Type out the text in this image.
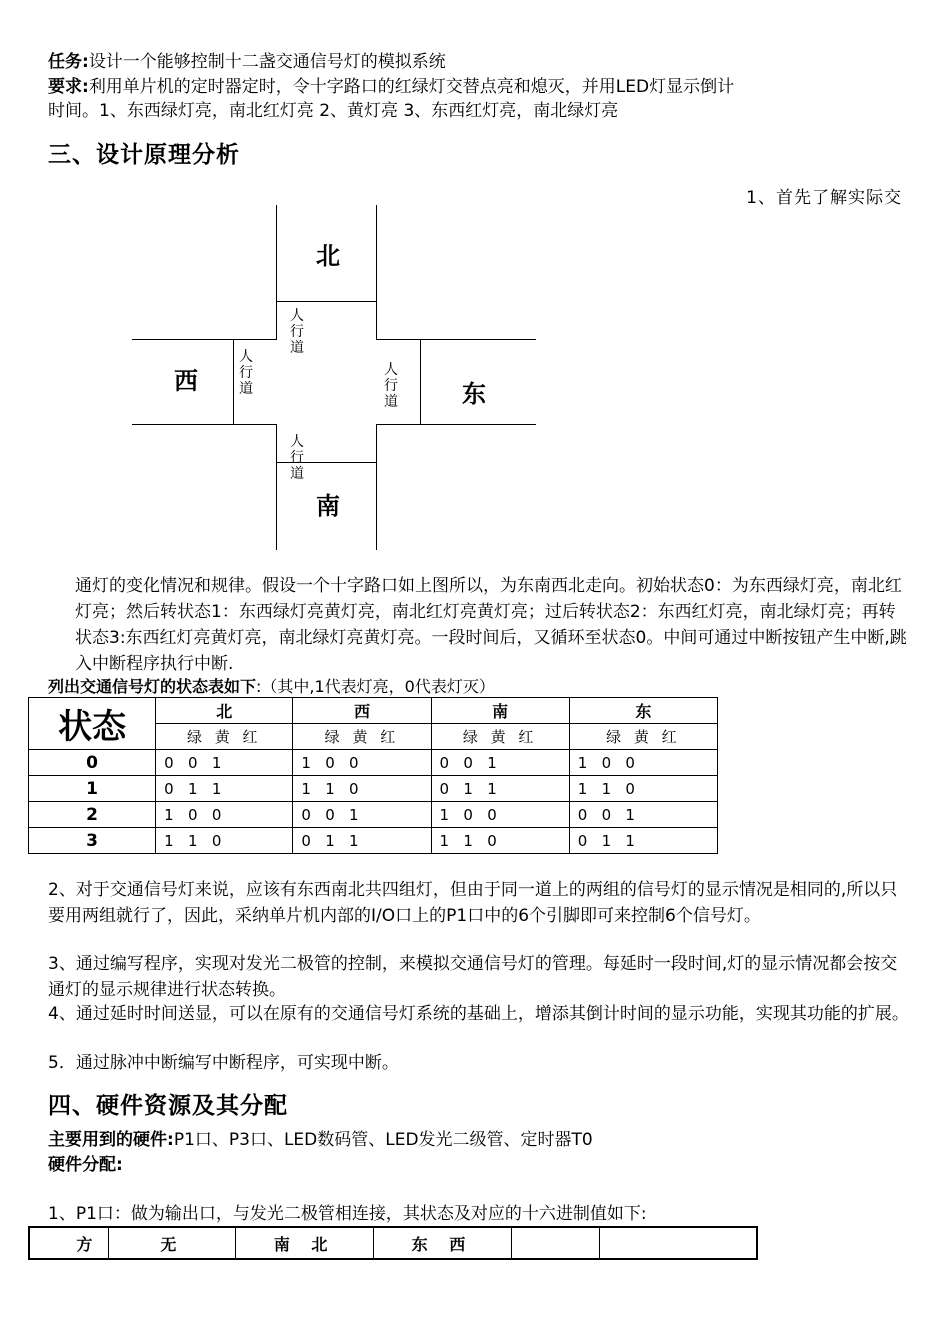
任务:设计一个能够控制十二盏交通信号灯的模拟系统
要求:利用单片机的定时器定时，令十字路口的红绿灯交替点亮和熄灭，并用LED灯显示倒计
时间。1、东西绿灯亮，南北红灯亮 2、黄灯亮 3、东西红灯亮，南北绿灯亮
三、设计原理分析
1、首先了解实际交
北
南
西	东
人行道
人行道
人
行
道
人
行
道
通灯的变化情况和规律。假设一个十字路口如上图所以，为东南西北走向。初始状态0：为东西绿灯亮，南北红灯亮；然后转状态1：东西绿灯亮黄灯亮，南北红灯亮黄灯亮；过后转状态2：东西红灯亮，南北绿灯亮；再转状态3:东西红灯亮黄灯亮，南北绿灯亮黄灯亮。一段时间后，又循环至状态0。中间可通过中断按钮产生中断,跳入中断程序执行中断.
列出交通信号灯的状态表如下:（其中,1代表灯亮，0代表灯灭）
状态	北	西	南	东
	绿 黄 红	绿 黄 红	绿 黄 红	绿 黄 红
0	0   0   1	1   0   0	0   0   1	1   0   0
1	0   1   1	1   1   0	0   1   1	1   1   0
2	1   0   0	0   0   1	1   0   0	0   0   1
3	1   1   0	0   1   1	1   1   0	0   1   1
2、对于交通信号灯来说，应该有东西南北共四组灯，但由于同一道上的两组的信号灯的显示情况是相同的,所以只要用两组就行了，因此，采纳单片机内部的I/O口上的P1口中的6个引脚即可来控制6个信号灯。
3、通过编写程序，实现对发光二极管的控制，来模拟交通信号灯的管理。每延时一段时间,灯的显示情况都会按交通灯的显示规律进行状态转换。
4、通过延时时间送显，可以在原有的交通信号灯系统的基础上，增添其倒计时间的显示功能，实现其功能的扩展。
5．通过脉冲中断编写中断程序，可实现中断。
四、硬件资源及其分配
主要用到的硬件:P1口、P3口、LED数码管、LED发光二级管、定时器T0
硬件分配:
1、P1口：做为输出口，与发光二极管相连接，其状态及对应的十六进制值如下:
方	无	南 北	东 西		
